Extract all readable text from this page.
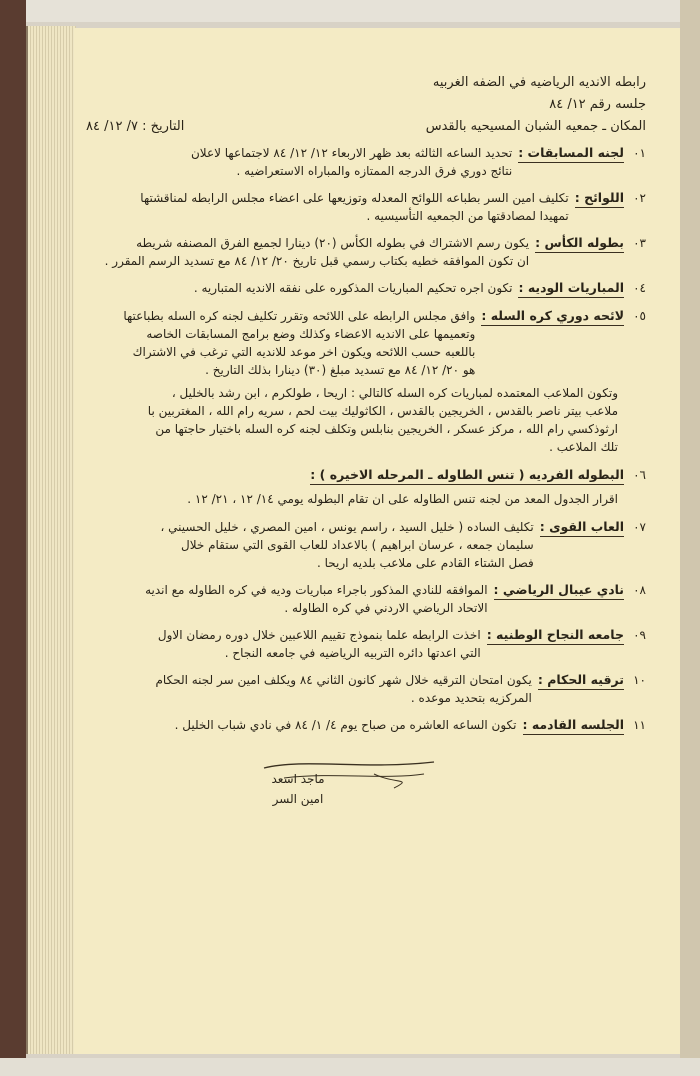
رابطه الانديه الرياضيه في الضفه الغربيه
جلسه رقم ١٢/ ٨٤
المكان ـ جمعيه الشبان المسيحيه بالقدس
التاريخ : ٧/ ١٢/ ٨٤
٠١
لجنه المسابقات :
تحديد الساعه الثالثه بعد ظهر الاربعاء ١٢/ ١٢/ ٨٤ لاجتماعها لاعلان
نتائج دوري فرق الدرجه الممتازه والمباراه الاستعراضيه .
٠٢
اللوائح :
تكليف امين السر بطباعه اللوائح المعدله وتوزيعها على اعضاء مجلس الرابطه لمناقشتها
تمهيدا لمصادقتها من الجمعيه التأسيسيه .
٠٣
بطوله الكأس :
يكون رسم الاشتراك في بطوله الكأس (٢٠) دينارا لجميع الفرق المصنفه شريطه
ان تكون الموافقه خطيه بكتاب رسمي قبل تاريخ ٢٠/ ١٢/ ٨٤ مع تسديد الرسم المقرر .
٠٤
المباريات الوديه :
تكون اجره تحكيم المباريات المذكوره على نفقه الانديه المتباريه .
٠٥
لائحه دوري كره السله :
وافق مجلس الرابطه على اللائحه وتقرر تكليف لجنه كره السله بطباعتها
وتعميمها على الانديه الاعضاء وكذلك وضع برامج المسابقات الخاصه
باللعبه حسب اللائحه ويكون اخر موعد للانديه التي ترغب في الاشتراك
هو ٢٠/ ١٢/ ٨٤ مع تسديد مبلغ (٣٠) دينارا بذلك التاريخ .
وتكون الملاعب المعتمده لمباريات كره السله كالتالي : اريحا ، طولكرم ، ابن رشد بالخليل ،
ملاعب بيتر ناصر بالقدس ، الخريجين بالقدس ، الكاثوليك بيت لحم ، سريه رام الله ، المغتربين با
ارثوذكسي رام الله ، مركز عسكر ، الخريجين بنابلس وتكلف لجنه كره السله باختيار حاجتها من
تلك الملاعب .
٠٦
البطوله الفرديه ( تنس الطاوله ـ المرحله الاخيره ) :
اقرار الجدول المعد من لجنه تنس الطاوله على ان تقام البطوله يومي ١٤/ ١٢ ، ٢١/ ١٢ .
٠٧
العاب القوى :
تكليف الساده ( خليل السيد ، راسم يونس ، امين المصري ، خليل الحسيني ،
سليمان جمعه ، عرسان ابراهيم ) بالاعداد للعاب القوى التي ستقام خلال
فصل الشتاء القادم على ملاعب بلديه اريحا .
٠٨
نادي عيبال الرياضي :
الموافقه للنادي المذكور باجراء مباريات وديه في كره الطاوله مع انديه
الاتحاد الرياضي الاردني في كره الطاوله .
٠٩
جامعه النجاح الوطنيه :
اخذت الرابطه علما بنموذج تقييم اللاعبين خلال دوره رمضان الاول
التي اعدتها دائره التربيه الرياضيه في جامعه النجاح .
١٠
ترقيه الحكام :
يكون امتحان الترقيه خلال شهر كانون الثاني ٨٤ ويكلف امين سر لجنه الحكام
المركزيه بتحديد موعده .
١١
الجلسه القادمه :
تكون الساعه العاشره من صباح يوم ٤/ ١/ ٨٤ في نادي شباب الخليل .
ماجد اسعد
امين السر
